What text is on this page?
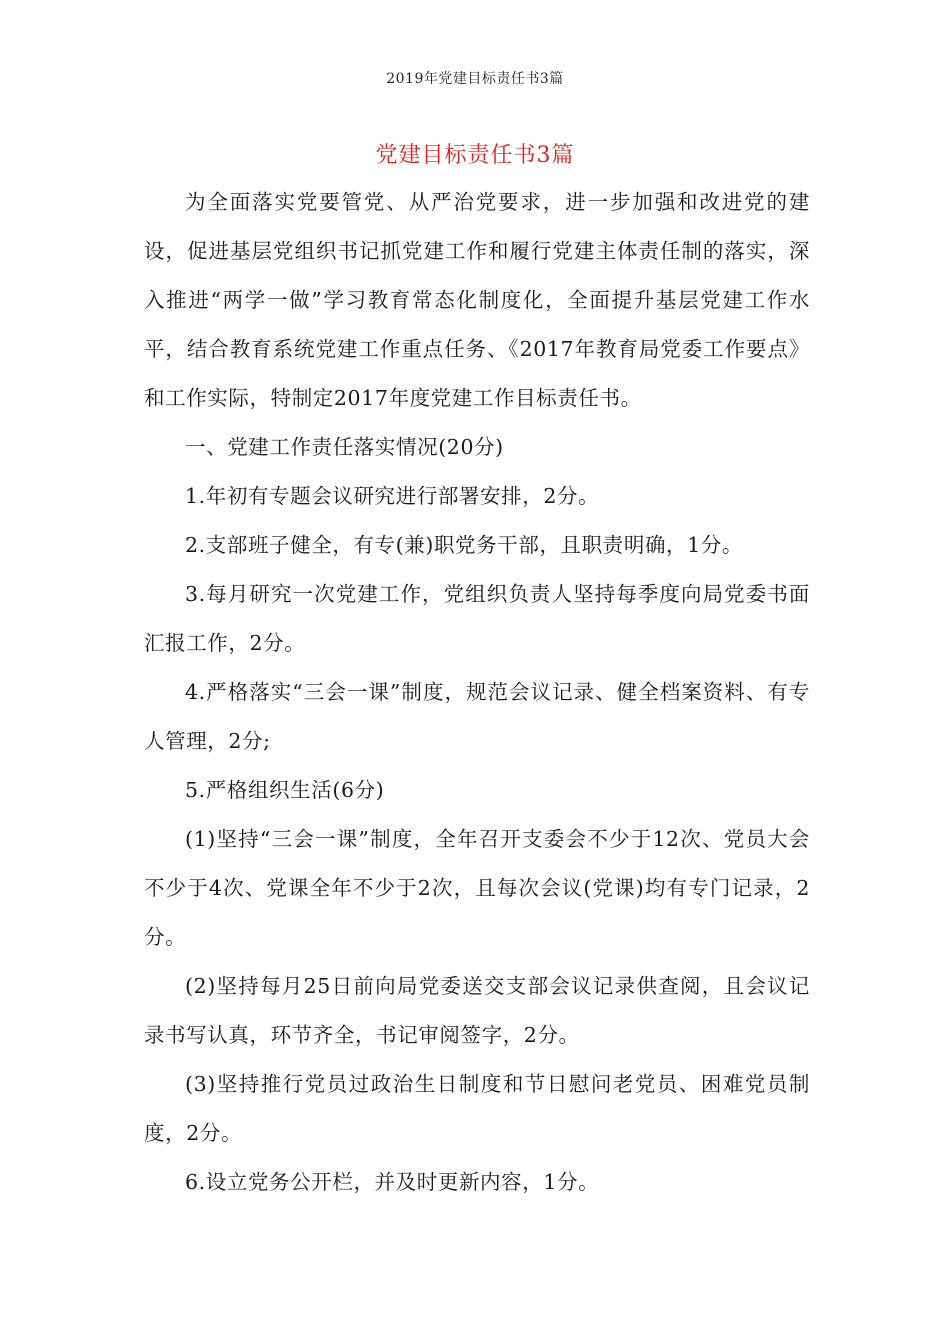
2019年党建目标责任书3篇
党建目标责任书3篇

为全面落实党要管党、从严治党要求，进一步加强和改进党的建设，促进基层党组织书记抓党建工作和履行党建主体责任制的落实，深入推进“两学一做”学习教育常态化制度化，全面提升基层党建工作水平，结合教育系统党建工作重点任务、《2017年教育局党委工作要点》和工作实际，特制定2017年度党建工作目标责任书。

一、党建工作责任落实情况(20分)

1.年初有专题会议研究进行部署安排，2分。

2.支部班子健全，有专(兼)职党务干部，且职责明确，1分。

3.每月研究一次党建工作，党组织负责人坚持每季度向局党委书面汇报工作，2分。

4.严格落实“三会一课”制度，规范会议记录、健全档案资料、有专人管理，2分;

5.严格组织生活(6分)

(1)坚持“三会一课”制度，全年召开支委会不少于12次、党员大会不少于4次、党课全年不少于2次，且每次会议(党课)均有专门记录，2分。

(2)坚持每月25日前向局党委送交支部会议记录供查阅，且会议记录书写认真，环节齐全，书记审阅签字，2分。

(3)坚持推行党员过政治生日制度和节日慰问老党员、困难党员制度，2分。

6.设立党务公开栏，并及时更新内容，1分。
